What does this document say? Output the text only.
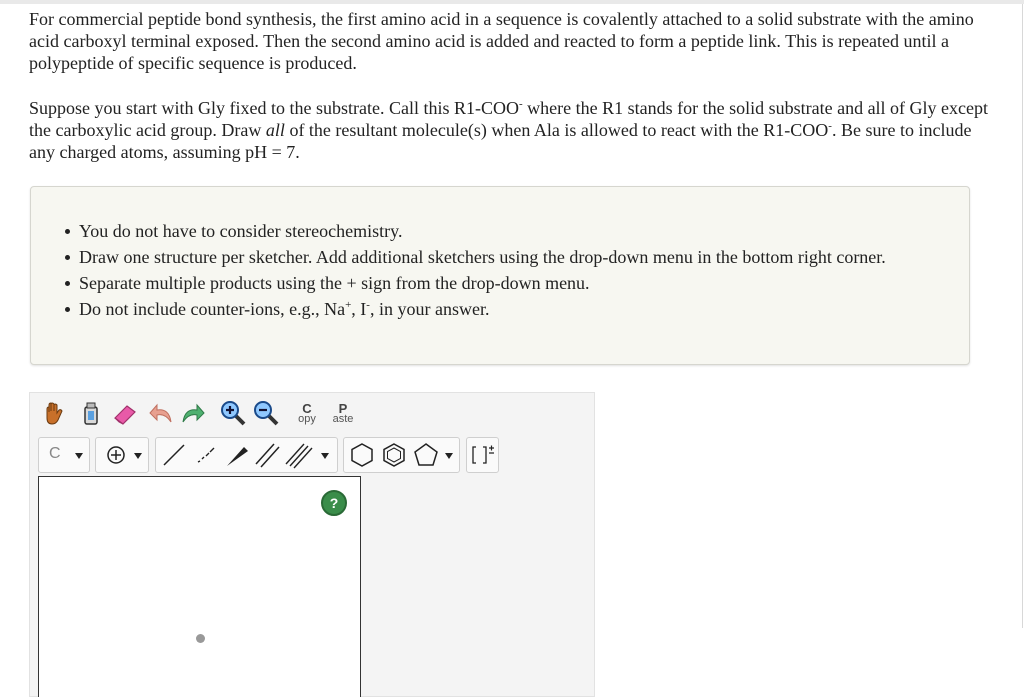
For commercial peptide bond synthesis, the first amino acid in a sequence is covalently attached to a solid substrate with the amino acid carboxyl terminal exposed. Then the second amino acid is added and reacted to form a peptide link. This is repeated until a polypeptide of specific sequence is produced.

Suppose you start with Gly fixed to the substrate. Call this R1-COO- where the R1 stands for the solid substrate and all of Gly except the carboxylic acid group. Draw all of the resultant molecule(s) when Ala is allowed to react with the R1-COO-. Be sure to include any charged atoms, assuming pH = 7.

You do not have to consider stereochemistry.
Draw one structure per sketcher. Add additional sketchers using the drop-down menu in the bottom right corner.
Separate multiple products using the + sign from the drop-down menu.
Do not include counter-ions, e.g., Na+, I-, in your answer.
C
opy
P
aste
C
?
